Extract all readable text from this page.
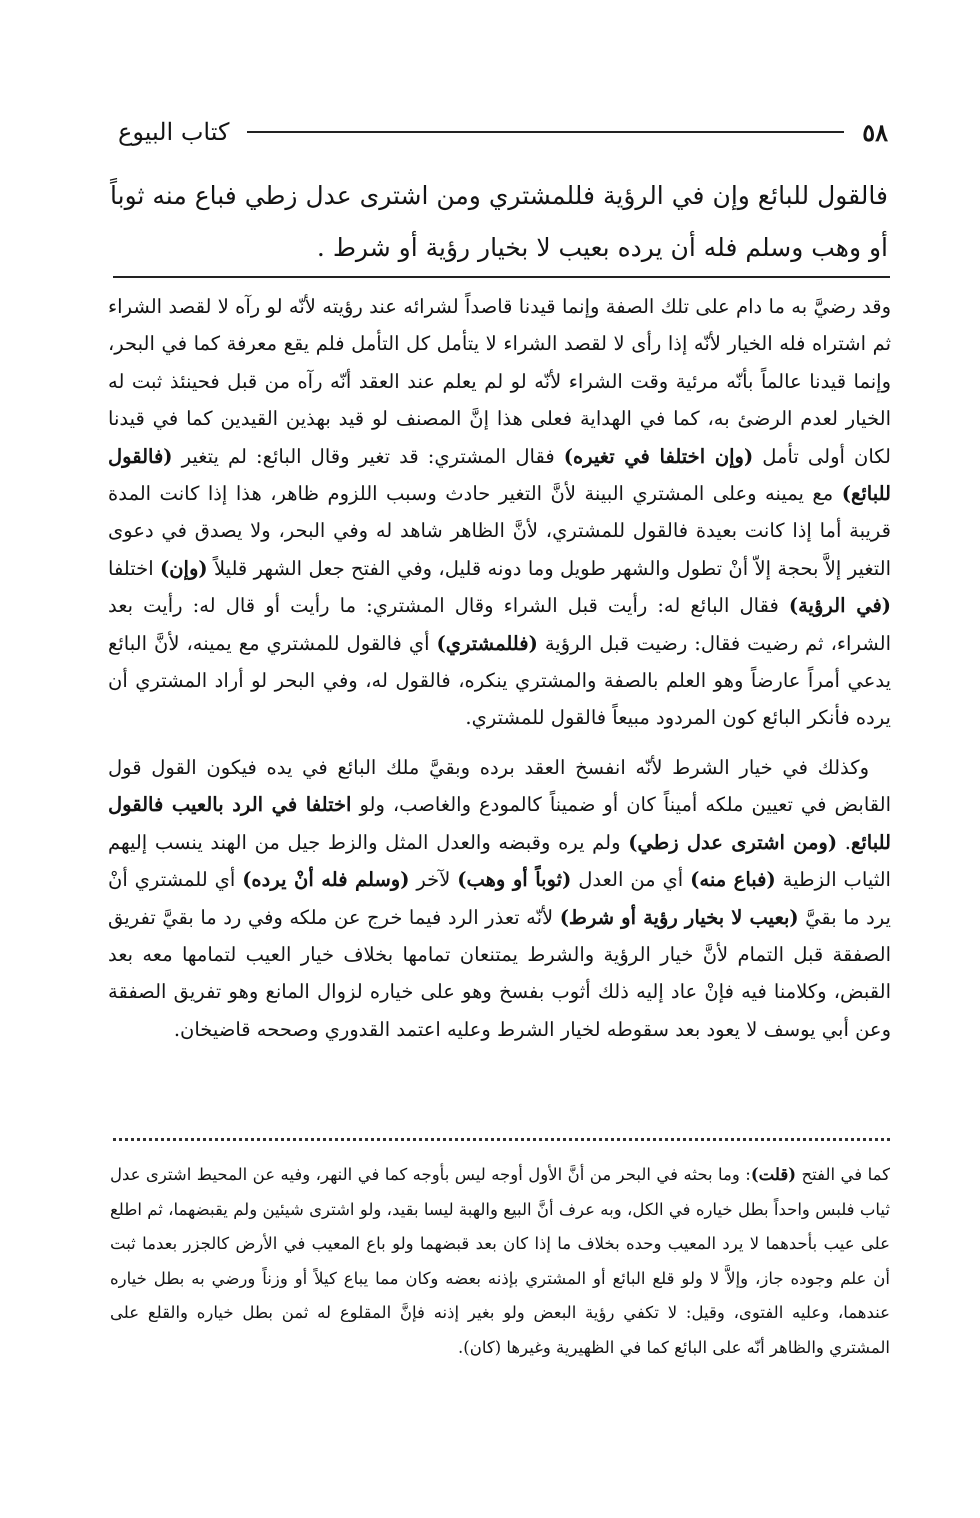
٥٨
كتاب البيوع

فالقول للبائع وإن في الرؤية فللمشتري ومن اشترى عدل زطي فباع منه ثوباً أو وهب وسلم فله أن يرده بعيب لا بخيار رؤية أو شرط .

وقد رضيَّ به ما دام على تلك الصفة وإنما قيدنا قاصداً لشرائه عند رؤيته لأنّه لو رآه لا لقصد الشراء ثم اشتراه فله الخيار لأنّه إذا رأى لا لقصد الشراء لا يتأمل كل التأمل فلم يقع معرفة كما في البحر، وإنما قيدنا عالماً بأنّه مرئية وقت الشراء لأنّه لو لم يعلم عند العقد أنّه رآه من قبل فحينئذ ثبت له الخيار لعدم الرضئ به، كما في الهداية فعلى هذا إنَّ المصنف لو قيد بهذين القيدين كما في قيدنا لكان أولى تأمل (وإن اختلفا في تغيره) فقال المشتري: قد تغير وقال البائع: لم يتغير (فالقول للبائع) مع يمينه وعلى المشتري البينة لأنَّ التغير حادث وسبب اللزوم ظاهر، هذا إذا كانت المدة قريبة أما إذا كانت بعيدة فالقول للمشتري، لأنَّ الظاهر شاهد له وفي البحر، ولا يصدق في دعوى التغير إلاَّ بحجة إلاّ أنْ تطول والشهر طويل وما دونه قليل، وفي الفتح جعل الشهر قليلاً (وإن) اختلفا (في الرؤية) فقال البائع له: رأيت قبل الشراء وقال المشتري: ما رأيت أو قال له: رأيت بعد الشراء، ثم رضيت فقال: رضيت قبل الرؤية (فللمشتري) أي فالقول للمشتري مع يمينه، لأنَّ البائع يدعي أمراً عارضاً وهو العلم بالصفة والمشتري ينكره، فالقول له، وفي البحر لو أراد المشتري أن يرده فأنكر البائع كون المردود مبيعاً فالقول للمشتري.

وكذلك في خيار الشرط لأنّه انفسخ العقد برده وبقيَّ ملك البائع في يده فيكون القول قول القابض في تعيين ملكه أميناً كان أو ضميناً كالمودع والغاصب، ولو اختلفا في الرد بالعيب فالقول للبائع. (ومن اشترى عدل زطي) ولم يره وقبضه والعدل المثل والزط جيل من الهند ينسب إليهم الثياب الزطية (فباع منه) أي من العدل (ثوباً أو وهب) لآخر (وسلم فله أنْ يرده) أي للمشتري أنْ يرد ما بقيَّ (بعيب لا بخيار رؤية أو شرط) لأنّه تعذر الرد فيما خرج عن ملكه وفي رد ما بقيَّ تفريق الصفقة قبل التمام لأنَّ خيار الرؤية والشرط يمتنعان تمامها بخلاف خيار العيب لتمامها معه بعد القبض، وكلامنا فيه فإنْ عاد إليه ذلك أثوب بفسخ وهو على خياره لزوال المانع وهو تفريق الصفقة وعن أبي يوسف لا يعود بعد سقوطه لخيار الشرط وعليه اعتمد القدوري وصححه قاضيخان.

كما في الفتح (قلت): وما بحثه في البحر من أنَّ الأول أوجه ليس بأوجه كما في النهر، وفيه عن المحيط اشترى عدل ثياب فلبس واحداً بطل خياره في الكل، وبه عرف أنَّ البيع والهبة ليسا بقيد، ولو اشترى شيئين ولم يقبضهما، ثم اطلع على عيب بأحدهما لا يرد المعيب وحده بخلاف ما إذا كان بعد قبضهما ولو باع المعيب في الأرض كالجزر بعدما ثبت أن علم وجوده جاز، وإلاَّ لا ولو قلع البائع أو المشتري بإذنه بعضه وكان مما يباع كيلاً أو وزناً ورضي به بطل خياره عندهما، وعليه الفتوى، وقيل: لا تكفي رؤية البعض ولو بغير إذنه فإنَّ المقلوع له ثمن بطل خياره والقلع على المشتري والظاهر أنّه على البائع كما في الظهيرية وغيرها (كان).
